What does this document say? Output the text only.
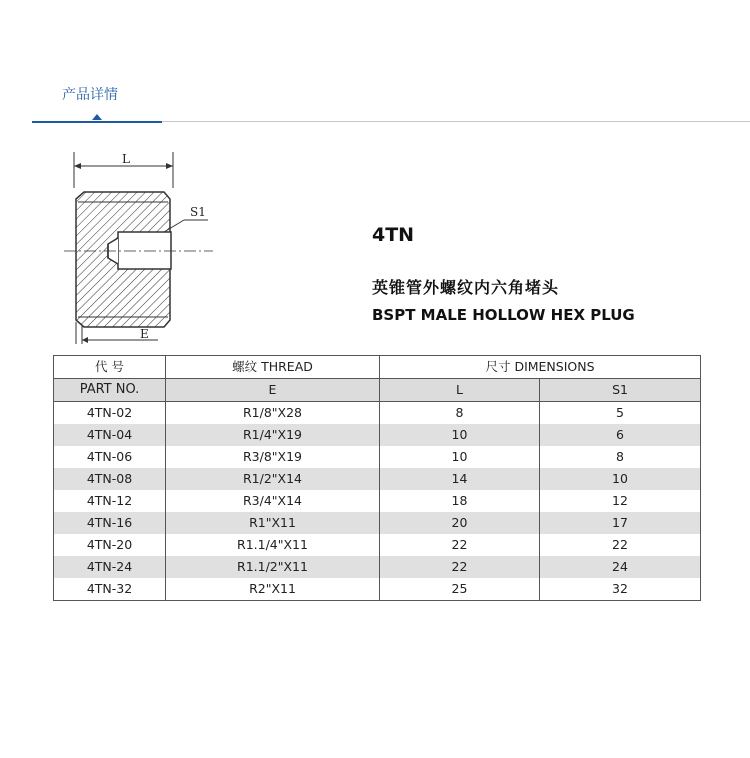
产品详情
L
S1
E
4TN
英锥管外螺纹内六角堵头
BSPT MALE HOLLOW HEX PLUG
代 号	螺纹 THREAD	尺寸 DIMENSIONS	
PART NO.	E	L	S1
4TN-02	R1/8"X28	8	5
4TN-04	R1/4"X19	10	6
4TN-06	R3/8"X19	10	8
4TN-08	R1/2"X14	14	10
4TN-12	R3/4"X14	18	12
4TN-16	R1"X11	20	17
4TN-20	R1.1/4"X11	22	22
4TN-24	R1.1/2"X11	22	24
4TN-32	R2"X11	25	32
